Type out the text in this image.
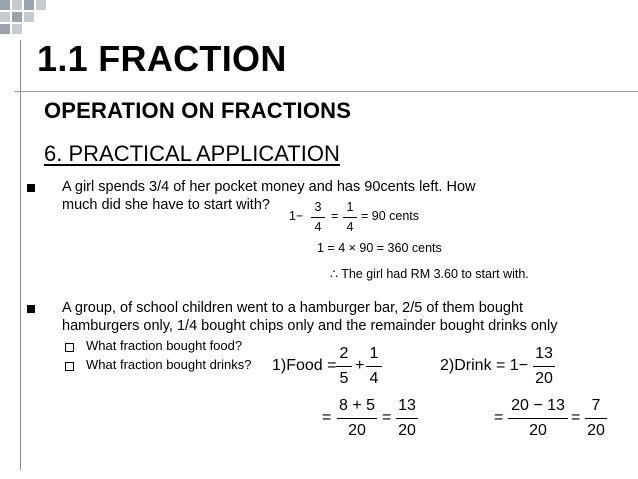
1.1 FRACTION
OPERATION ON FRACTIONS
6. PRACTICAL APPLICATION
A girl spends 3/4 of her pocket money and has 90cents left. How
much did she have to start with?
1−
3
4
=
1
4
= 90 cents
1 = 4 × 90 = 360 cents
∴ The girl had RM 3.60 to start with.
A group, of school children went to a hamburger bar, 2/5 of them bought
hamburgers only, 1/4 bought chips only and the remainder bought drinks only
What fraction bought food?
What fraction bought drinks? 1)Food =
2
5
+
1
4
=
8 + 5
20
=
13
20
2)Drink = 1−
13
20
=
20 − 13
20
=
7
20
